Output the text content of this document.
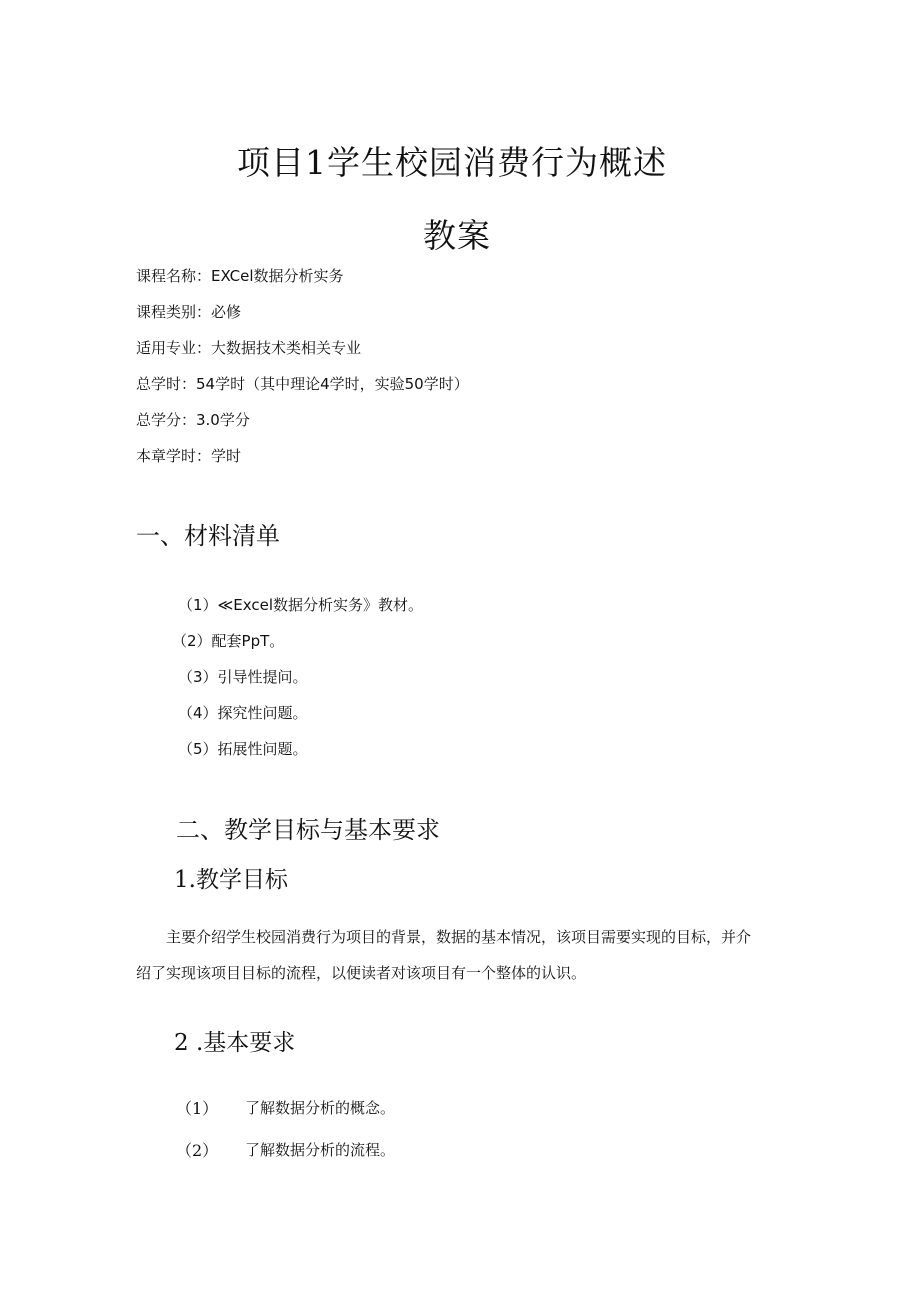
项目1学生校园消费行为概述
教案
课程名称：EXCel数据分析实务
课程类别：必修
适用专业：大数据技术类相关专业
总学时：54学时（其中理论4学时，实验50学时）
总学分：3.0学分
本章学时：学时
一、材料清单
（1）≪Excel数据分析实务》教材。
（2）配套PpT。
（3）引导性提问。
（4）探究性问题。
（5）拓展性问题。
二、教学目标与基本要求
1.教学目标
主要介绍学生校园消费行为项目的背景，数据的基本情况，该项目需要实现的目标，并介
绍了实现该项目目标的流程，以便读者对该项目有一个整体的认识。
2 .基本要求
（1） 了解数据分析的概念。
（2） 了解数据分析的流程。
